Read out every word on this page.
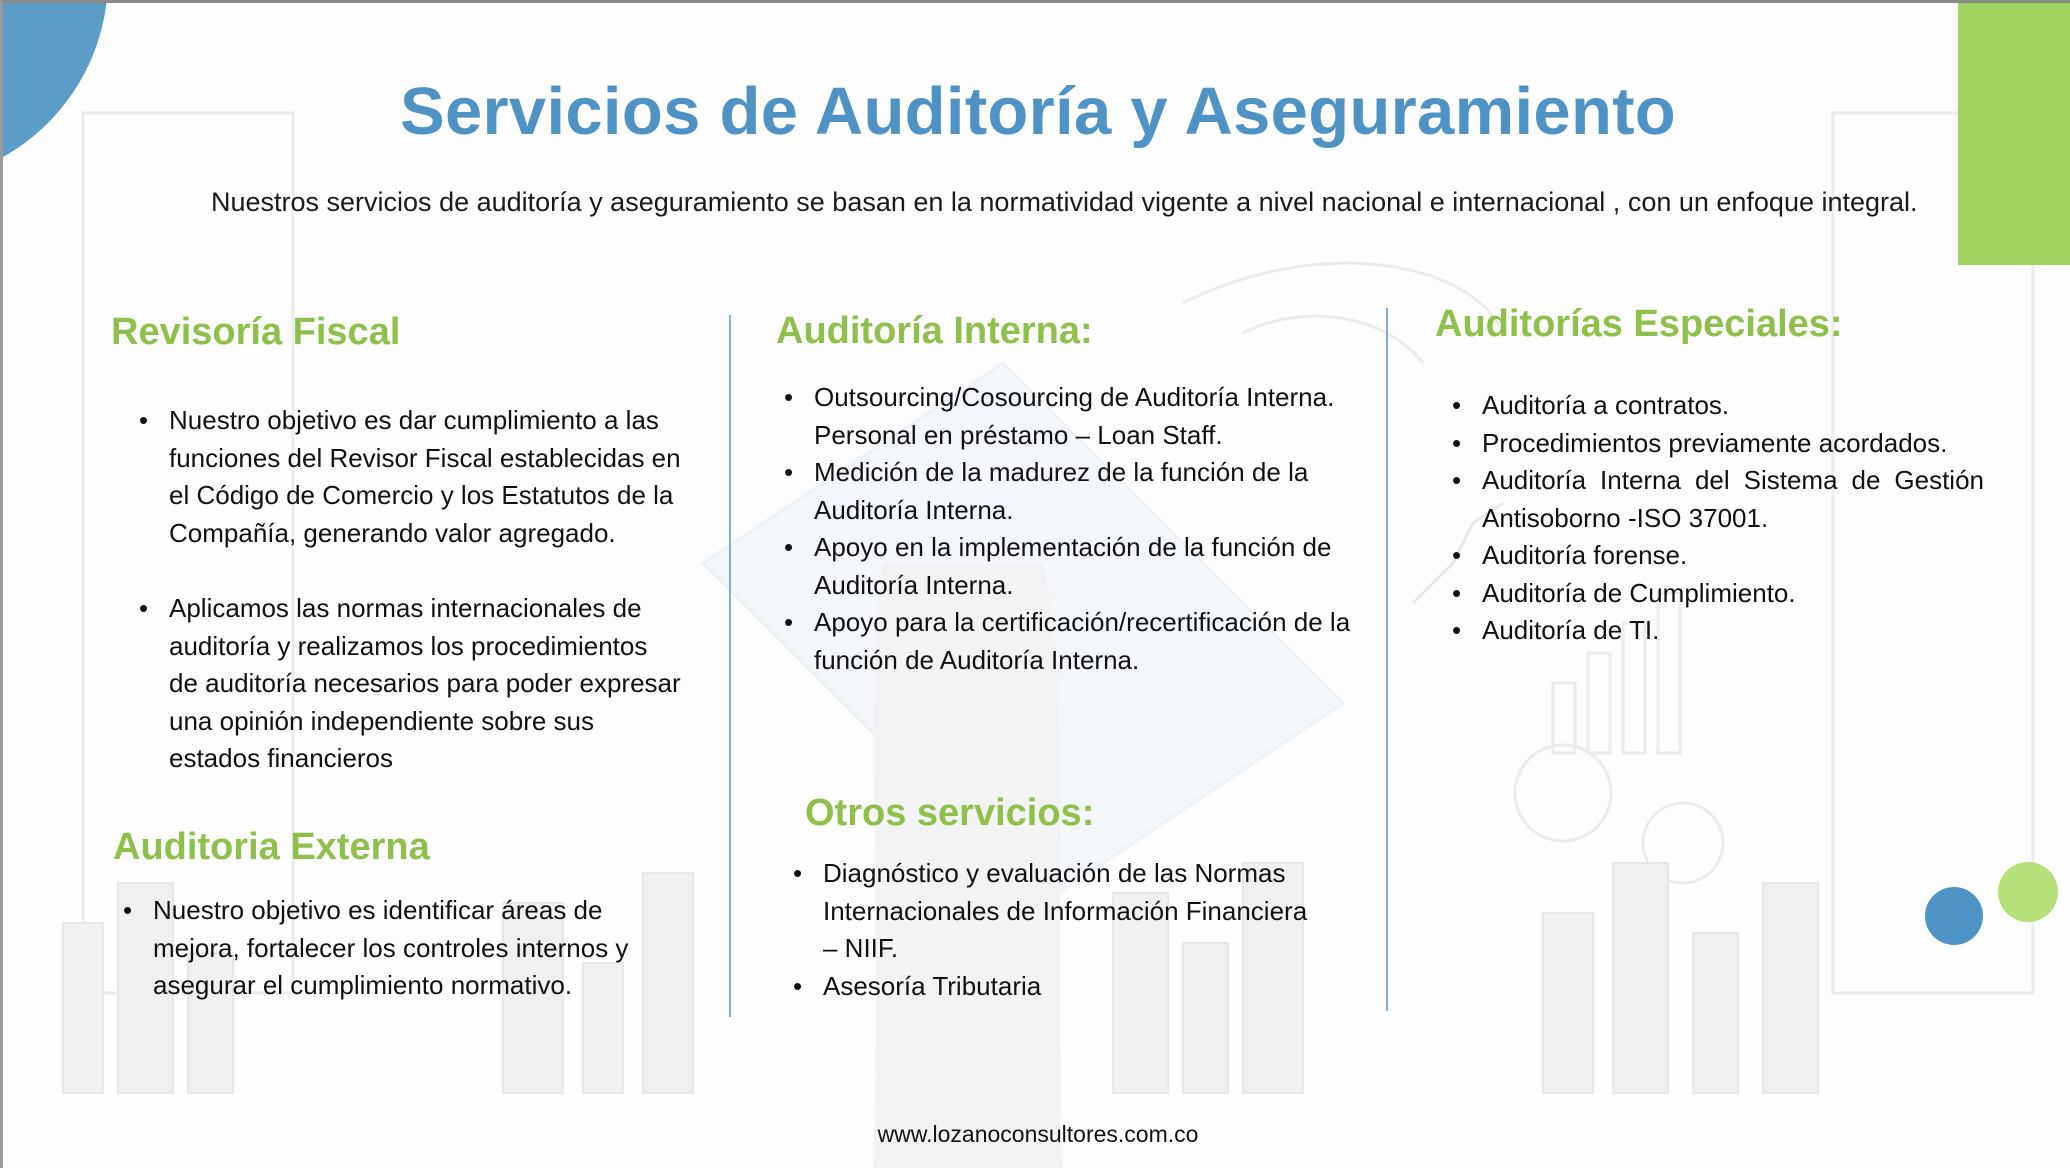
Servicios de Auditoría y Aseguramiento
Nuestros servicios de auditoría y aseguramiento se basan en la normatividad vigente a nivel nacional e internacional , con un enfoque integral.
Revisoría Fiscal
• Nuestro objetivo es dar cumplimiento a las funciones del Revisor Fiscal establecidas en el Código de Comercio y los Estatutos de la Compañía, generando valor agregado.
• Aplicamos las normas internacionales de auditoría y realizamos los procedimientos de auditoría necesarios para poder expresar una opinión independiente sobre sus estados financieros
Auditoria Externa
• Nuestro objetivo es identificar áreas de mejora, fortalecer los controles internos y asegurar el cumplimiento normativo.
Auditoría Interna:
• Outsourcing/Cosourcing de Auditoría Interna. Personal en préstamo – Loan Staff.
• Medición de la madurez de la función de la Auditoría Interna.
• Apoyo en la implementación de la función de Auditoría Interna.
• Apoyo para la certificación/recertificación de la función de Auditoría Interna.
Otros servicios:
• Diagnóstico y evaluación de las Normas Internacionales de Información Financiera – NIIF.
• Asesoría Tributaria
Auditorías Especiales:
• Auditoría a contratos.
• Procedimientos previamente acordados.
• Auditoría Interna del Sistema de Gestión Antisoborno -ISO 37001.
• Auditoría forense.
• Auditoría de Cumplimiento.
• Auditoría de TI.
www.lozanoconsultores.com.co
